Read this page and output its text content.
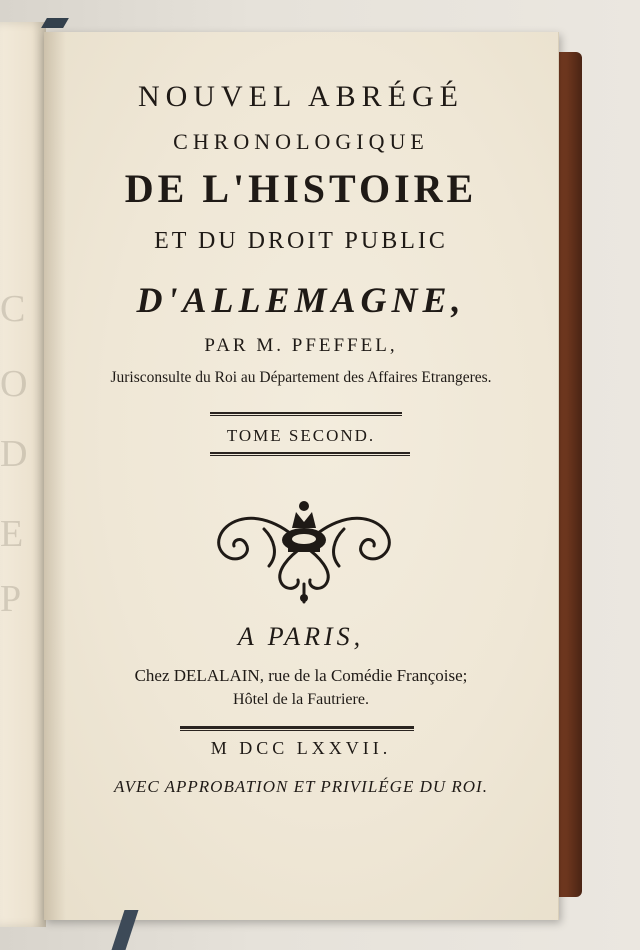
C
O
D
E
P
NOUVEL ABRÉGÉ
CHRONOLOGIQUE
DE L'HISTOIRE
ET DU DROIT PUBLIC
D'ALLEMAGNE,
PAR M. PFEFFEL,
Jurisconsulte du Roi au Département des Affaires Etrangeres.
TOME SECOND.
A PARIS,
Chez DELALAIN, rue de la Comédie Françoise;
Hôtel de la Fautriere.
M DCC LXXVII.
AVEC APPROBATION ET PRIVILÉGE DU ROI.
